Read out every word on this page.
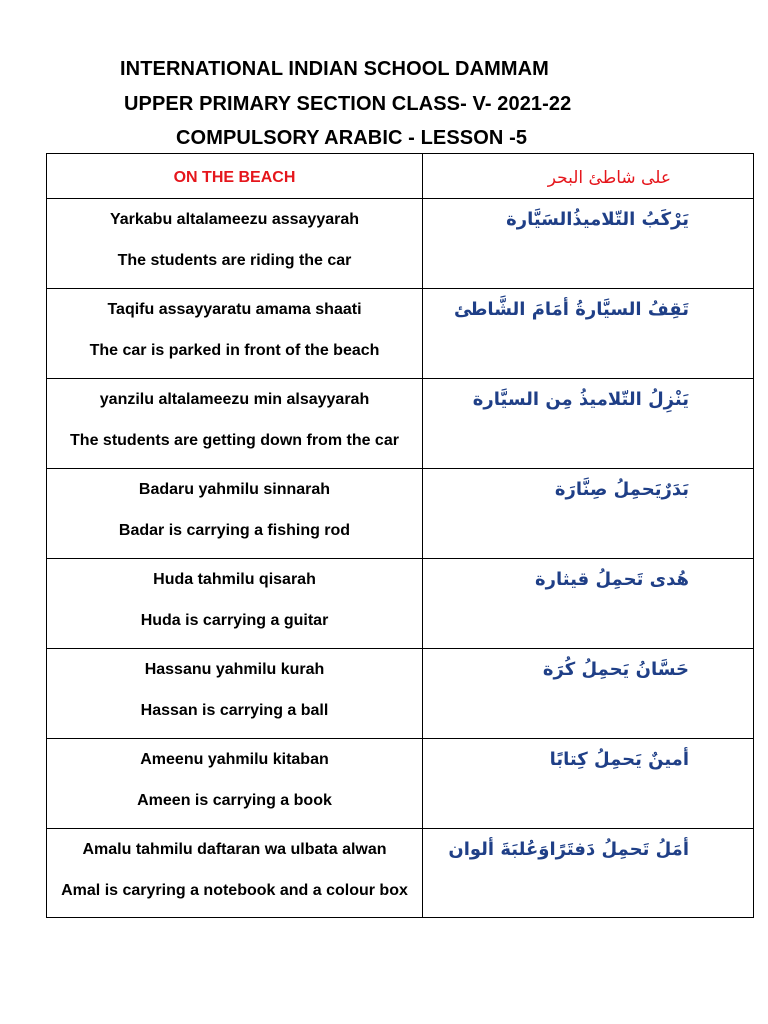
INTERNATIONAL INDIAN SCHOOL DAMMAM
UPPER PRIMARY SECTION CLASS- V- 2021-22
COMPULSORY ARABIC - LESSON -5
ON THE BEACH	على شاطئ البحر

Yarkabu altalameezu assayyarah
The students are riding the car	يَرْكَبُ التّلاميذُالسَيَّارة

Taqifu assayyaratu amama shaati
The car is parked in front of the beach	تَقِفُ السيَّارةُ أمَامَ الشَّاطئ

yanzilu altalameezu min alsayyarah
The students are getting down from the car	يَنْزِلُ التّلاميذُ مِن السيَّارة

Badaru yahmilu sinnarah
Badar is carrying a fishing rod	بَدَرٌيَحمِلُ صِنَّارَة

Huda tahmilu qisarah
Huda is carrying a guitar	هُدى تَحمِلُ قيثارة

Hassanu yahmilu kurah
Hassan is carrying a ball	حَسَّانُ يَحمِلُ كُرَة

Ameenu yahmilu kitaban
Ameen is carrying a book	أمينٌ يَحمِلُ كِتابًا

Amalu tahmilu daftaran wa ulbata alwan
Amal is caryring a notebook and a colour box	أمَلُ تَحمِلُ دَفتَرًاوَعُلبَةَ ألوان
